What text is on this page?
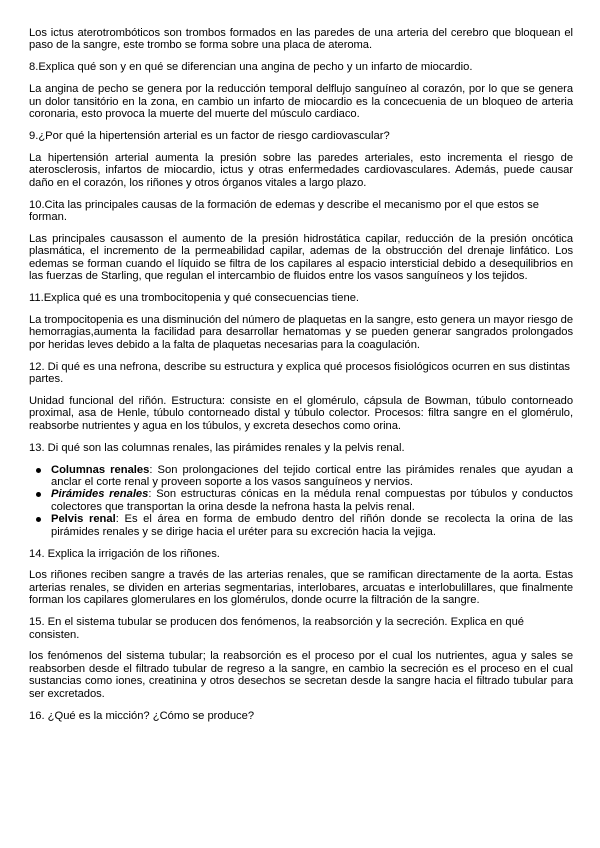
Los ictus aterotrombóticos son trombos formados en las paredes de una arteria del cerebro que bloquean el paso de la sangre, este trombo se forma sobre una placa de ateroma.

8.Explica qué son y en qué se diferencian una angina de pecho y un infarto de miocardio.

La angina de pecho se genera por la reducción temporal delflujo sanguíneo al corazón, por lo que se genera un dolor tansitório en la zona, en cambio un infarto de miocardio es la concecuenia de un bloqueo de arteria coronaria, esto provoca la muerte del muerte del músculo cardiaco.

9.¿Por qué la hipertensión arterial es un factor de riesgo cardiovascular?

La hipertensión arterial aumenta la presión sobre las paredes arteriales, esto incrementa el riesgo de aterosclerosis, infartos de miocardio, ictus y otras enfermedades cardiovasculares. Además, puede causar daño en el corazón, los riñones y otros órganos vitales a largo plazo.

10.Cita las principales causas de la formación de edemas y describe el mecanismo por el que estos se forman.

Las principales causasson el aumento de la presión hidrostática capilar, reducción de la presión oncótica plasmática, el incremento de la permeabilidad capilar, ademas de la obstrucción del drenaje linfático. Los edemas se forman cuando el líquido se filtra de los capilares al espacio intersticial debido a desequilibrios en las fuerzas de Starling, que regulan el intercambio de fluidos entre los vasos sanguíneos y los tejidos.

11.Explica qué es una trombocitopenia y qué consecuencias tiene.

La trompocitopenia es una disminución del número de plaquetas en la sangre, esto genera un mayor riesgo de hemorragias,aumenta la facilidad para desarrollar hematomas y se pueden generar sangrados prolongados por heridas leves debido a la falta de plaquetas necesarias para la coagulación.

12. Di qué es una nefrona, describe su estructura y explica qué procesos fisiológicos ocurren en sus distintas partes.

Unidad funcional del riñón. Estructura: consiste en el glomérulo, cápsula de Bowman, túbulo contorneado proximal, asa de Henle, túbulo contorneado distal y túbulo colector. Procesos: filtra sangre en el glomérulo, reabsorbe nutrientes y agua en los túbulos, y excreta desechos como orina.

13. Di qué son las columnas renales, las pirámides renales y la pelvis renal.

Columnas renales: Son prolongaciones del tejido cortical entre las pirámides renales que ayudan a anclar el corte renal y proveen soporte a los vasos sanguíneos y nervios.
Pirámides renales: Son estructuras cónicas en la médula renal compuestas por túbulos y conductos colectores que transportan la orina desde la nefrona hasta la pelvis renal.
Pelvis renal: Es el área en forma de embudo dentro del riñón donde se recolecta la orina de las pirámides renales y se dirige hacia el uréter para su excreción hacia la vejiga.

14. Explica la irrigación de los riñones.

Los riñones reciben sangre a través de las arterias renales, que se ramifican directamente de la aorta. Estas arterias renales, se dividen en arterias segmentarias, interlobares, arcuatas e interlobulillares, que finalmente forman los capilares glomerulares en los glomérulos, donde ocurre la filtración de la sangre.

15. En el sistema tubular se producen dos fenómenos, la reabsorción y la secreción. Explica en qué consisten.

los fenómenos del sistema tubular; la reabsorción es el proceso por el cual los nutrientes, agua y sales se reabsorben desde el filtrado tubular de regreso a la sangre, en cambio la secreción es el proceso en el cual sustancias como iones, creatinina y otros desechos se secretan desde la sangre hacia el filtrado tubular para ser excretados.

16. ¿Qué es la micción? ¿Cómo se produce?
